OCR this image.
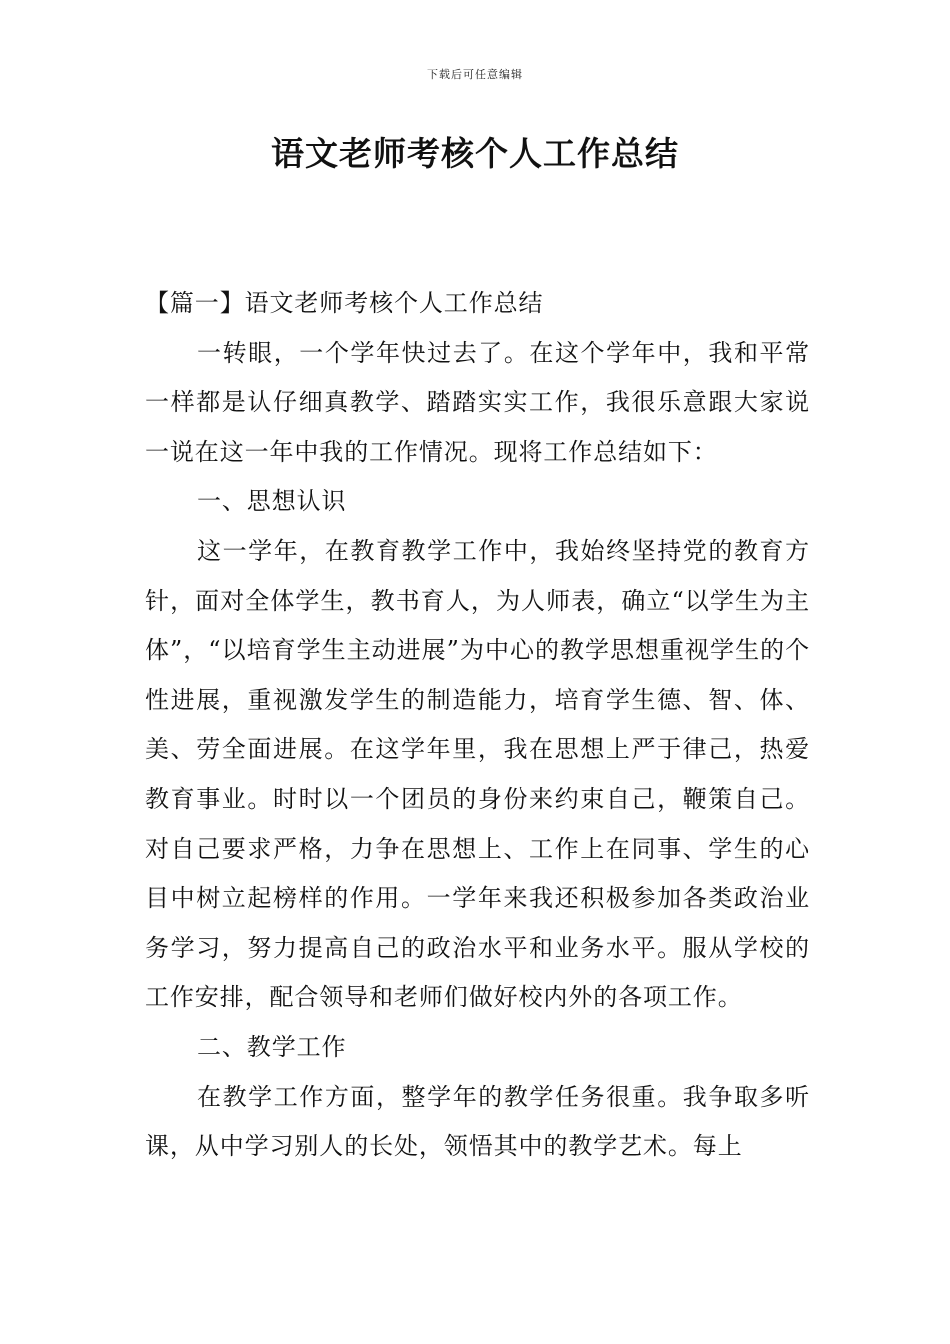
下载后可任意编辑
语文老师考核个人工作总结

【篇一】语文老师考核个人工作总结

一转眼，一个学年快过去了。在这个学年中，我和平常一样都是认仔细真教学、踏踏实实工作，我很乐意跟大家说一说在这一年中我的工作情况。现将工作总结如下：

一、思想认识

这一学年，在教育教学工作中，我始终坚持党的教育方针，面对全体学生，教书育人，为人师表，确立“以学生为主体”，“以培育学生主动进展”为中心的教学思想重视学生的个性进展，重视激发学生的制造能力，培育学生德、智、体、美、劳全面进展。在这学年里，我在思想上严于律己，热爱教育事业。时时以一个团员的身份来约束自己，鞭策自己。对自己要求严格，力争在思想上、工作上在同事、学生的心目中树立起榜样的作用。一学年来我还积极参加各类政治业务学习，努力提高自己的政治水平和业务水平。服从学校的工作安排，配合领导和老师们做好校内外的各项工作。

二、教学工作

在教学工作方面，整学年的教学任务很重。我争取多听课，从中学习别人的长处，领悟其中的教学艺术。每上
